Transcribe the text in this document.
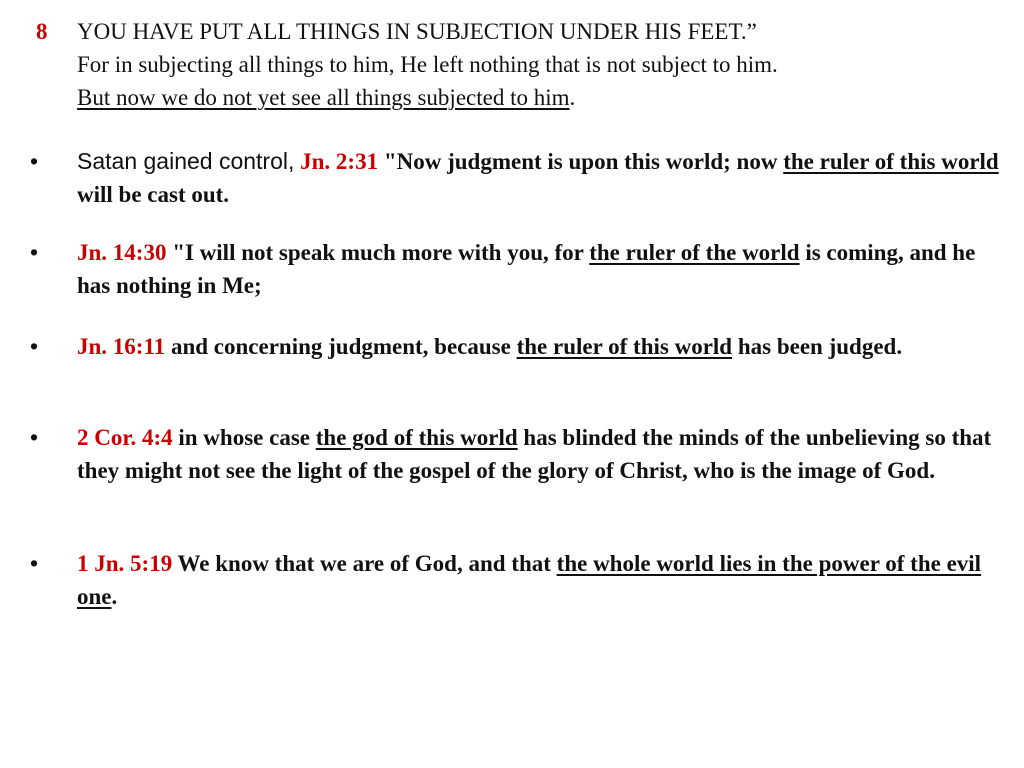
8 YOU HAVE PUT ALL THINGS IN SUBJECTION UNDER HIS FEET.”
For in subjecting all things to him, He left nothing that is not subject to him.
But now we do not yet see all things subjected to him.
• Satan gained control, Jn. 2:31 "Now judgment is upon this world; now the ruler of this world will be cast out.
• Jn. 14:30 "I will not speak much more with you, for the ruler of the world is coming, and he has nothing in Me;
• Jn. 16:11 and concerning judgment, because the ruler of this world has been judged.
• 2 Cor. 4:4 in whose case the god of this world has blinded the minds of the unbelieving so that they might not see the light of the gospel of the glory of Christ, who is the image of God.
• 1 Jn. 5:19 We know that we are of God, and that the whole world lies in the power of the evil one.
